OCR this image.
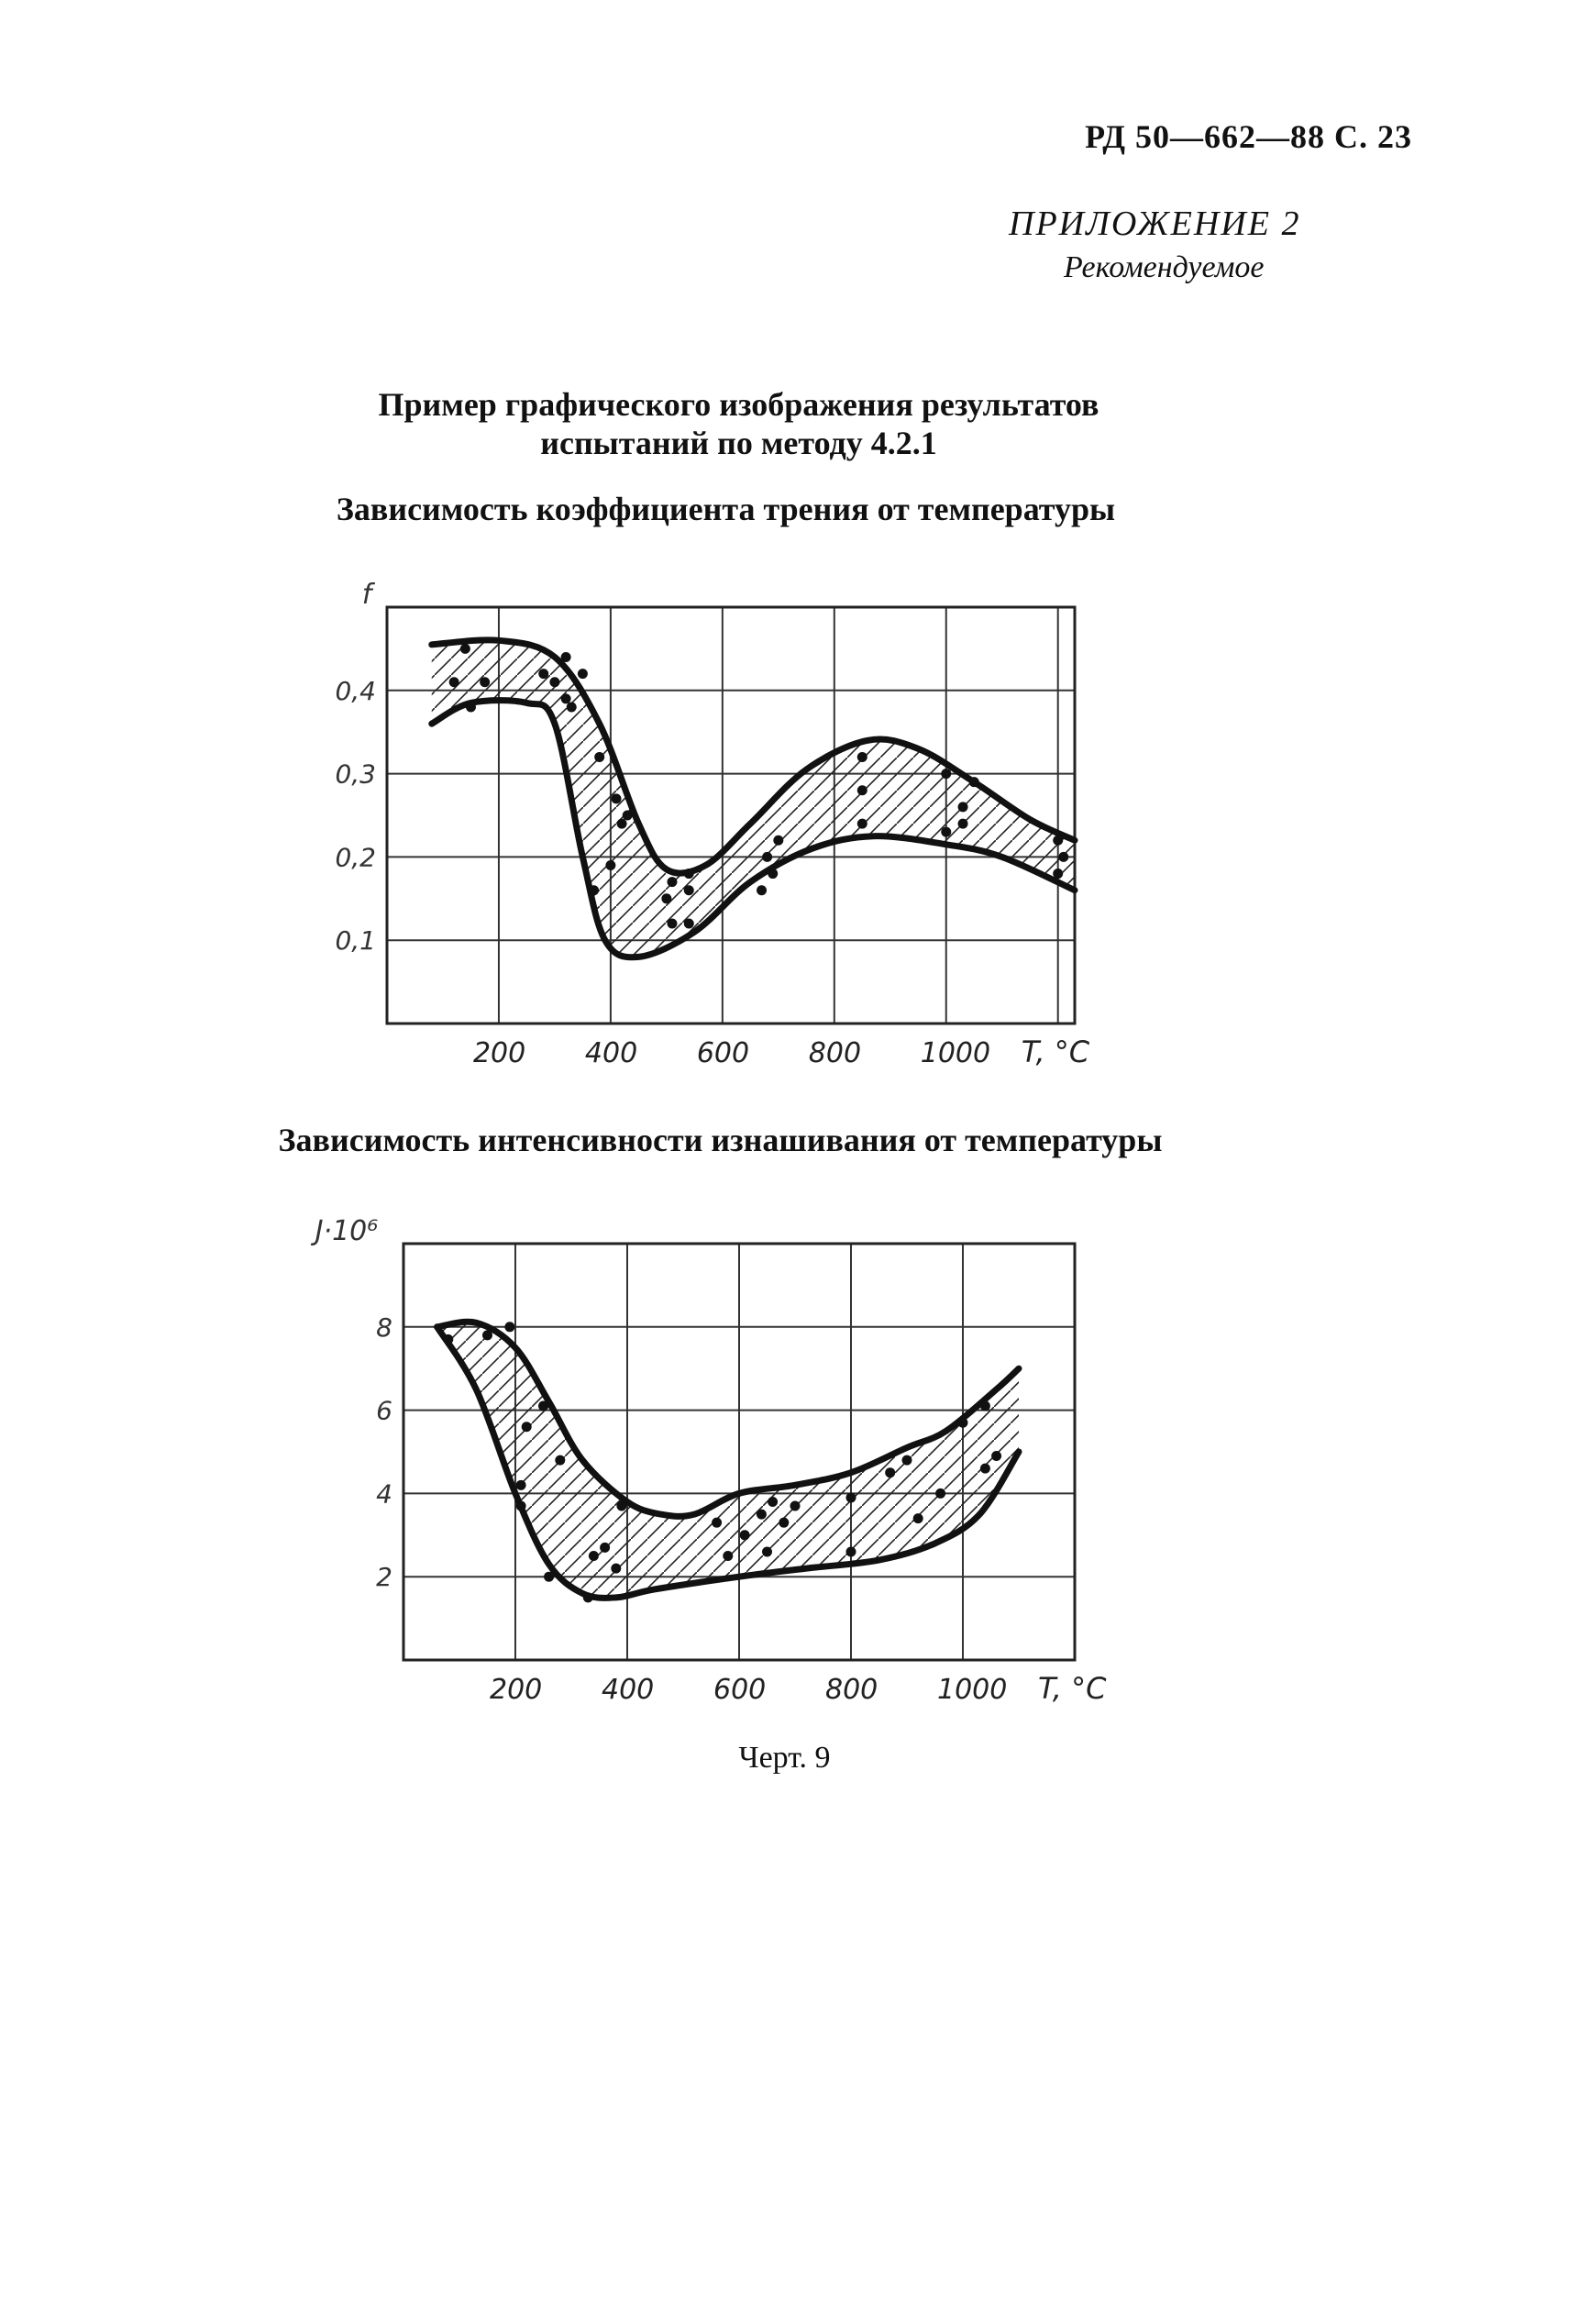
РД 50—662—88 С. 23
ПРИЛОЖЕНИЕ 2
Рекомендуемое
Пример графического изображения результатов
испытаний по методу 4.2.1
Зависимость коэффициента трения от температуры
200 400 600 800 1000
0,1
0,2
0,3
0,4
T, °C
f
Зависимость интенсивности изнашивания от температуры
200 400 600 800 1000
2
4
6
8
T, °C
J·10⁶
Черт. 9
